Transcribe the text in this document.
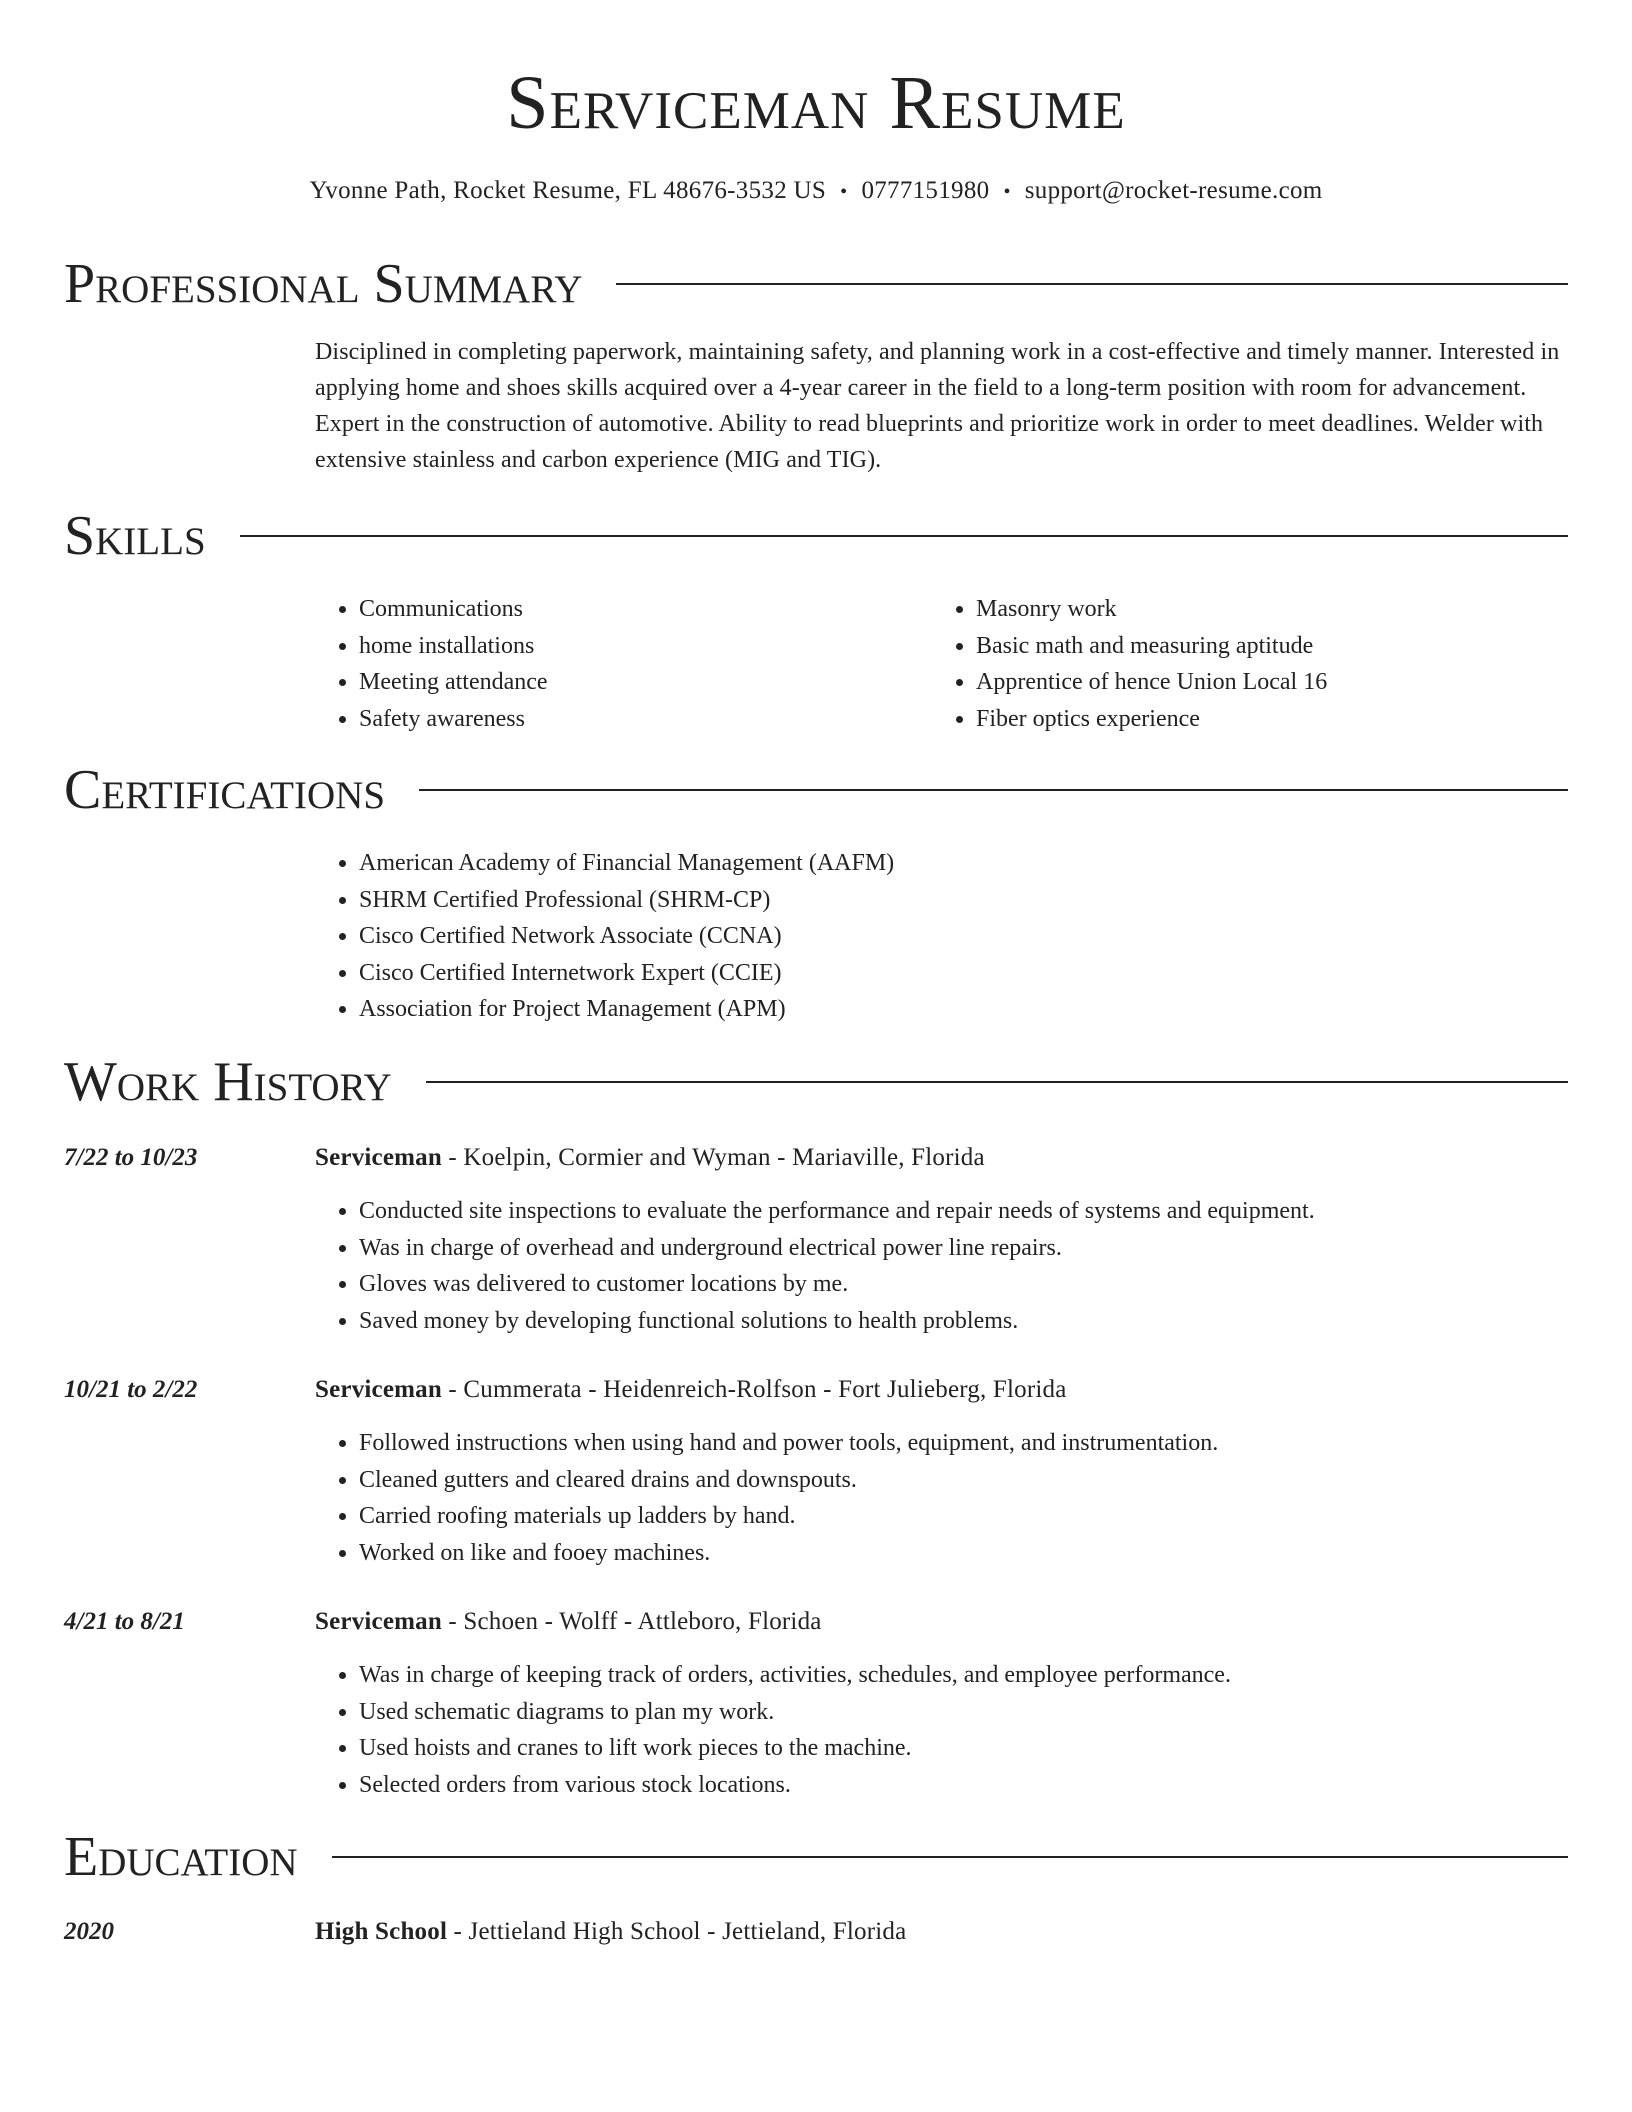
Serviceman Resume
Yvonne Path, Rocket Resume, FL 48676-3532 US • 0777151980 • support@rocket-resume.com
Professional Summary
Disciplined in completing paperwork, maintaining safety, and planning work in a cost-effective and timely manner. Interested in applying home and shoes skills acquired over a 4-year career in the field to a long-term position with room for advancement. Expert in the construction of automotive. Ability to read blueprints and prioritize work in order to meet deadlines. Welder with extensive stainless and carbon experience (MIG and TIG).
Skills
• Communications
• home installations
• Meeting attendance
• Safety awareness
• Masonry work
• Basic math and measuring aptitude
• Apprentice of hence Union Local 16
• Fiber optics experience
Certifications
• American Academy of Financial Management (AAFM)
• SHRM Certified Professional (SHRM-CP)
• Cisco Certified Network Associate (CCNA)
• Cisco Certified Internetwork Expert (CCIE)
• Association for Project Management (APM)
Work History
7/22 to 10/23	Serviceman - Koelpin, Cormier and Wyman - Mariaville, Florida
• Conducted site inspections to evaluate the performance and repair needs of systems and equipment.
• Was in charge of overhead and underground electrical power line repairs.
• Gloves was delivered to customer locations by me.
• Saved money by developing functional solutions to health problems.
10/21 to 2/22	Serviceman - Cummerata - Heidenreich-Rolfson - Fort Julieberg, Florida
• Followed instructions when using hand and power tools, equipment, and instrumentation.
• Cleaned gutters and cleared drains and downspouts.
• Carried roofing materials up ladders by hand.
• Worked on like and fooey machines.
4/21 to 8/21	Serviceman - Schoen - Wolff - Attleboro, Florida
• Was in charge of keeping track of orders, activities, schedules, and employee performance.
• Used schematic diagrams to plan my work.
• Used hoists and cranes to lift work pieces to the machine.
• Selected orders from various stock locations.
Education
2020	High School - Jettieland High School - Jettieland, Florida
